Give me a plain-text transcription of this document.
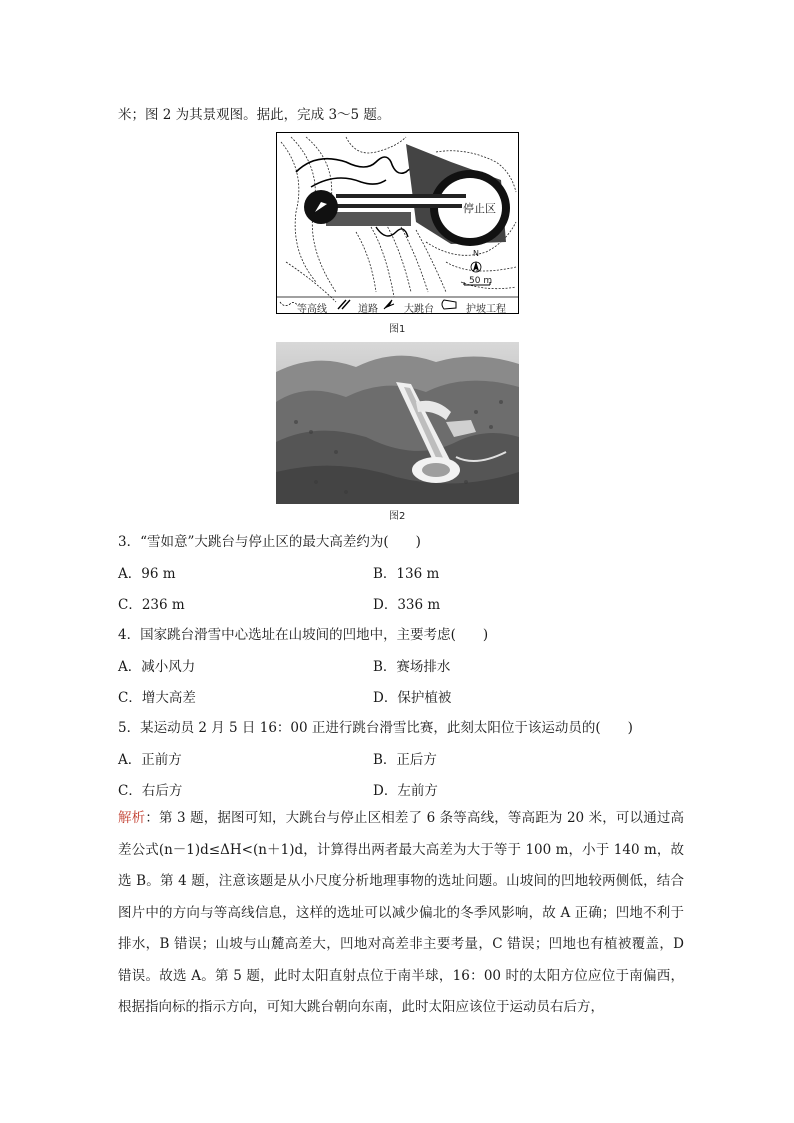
米；图 2 为其景观图。据此，完成 3～5 题。
停止区
N
50 m
等高线	道路	大跳台	护坡工程
图1
图2
3．“雪如意”大跳台与停止区的最大高差约为(　　)
A．96 m	B．136 m
C．236 m	D．336 m
4．国家跳台滑雪中心选址在山坡间的凹地中，主要考虑(　　)
A．减小风力	B．赛场排水
C．增大高差	D．保护植被
5．某运动员 2 月 5 日 16：00 正进行跳台滑雪比赛，此刻太阳位于该运动员的(　　)
A．正前方	B．正后方
C．右后方	D．左前方
解析：第 3 题，据图可知，大跳台与停止区相差了 6 条等高线，等高距为 20 米，可以通过高差公式(n－1)d≤ΔH<(n＋1)d，计算得出两者最大高差为大于等于 100 m，小于 140 m，故选 B。第 4 题，注意该题是从小尺度分析地理事物的选址问题。山坡间的凹地较两侧低，结合图片中的方向与等高线信息，这样的选址可以减少偏北的冬季风影响，故 A 正确；凹地不利于排水，B 错误；山坡与山麓高差大，凹地对高差非主要考量，C 错误；凹地也有植被覆盖，D 错误。故选 A。第 5 题，此时太阳直射点位于南半球，16：00 时的太阳方位应位于南偏西，根据指向标的指示方向，可知大跳台朝向东南，此时太阳应该位于运动员右后方，
